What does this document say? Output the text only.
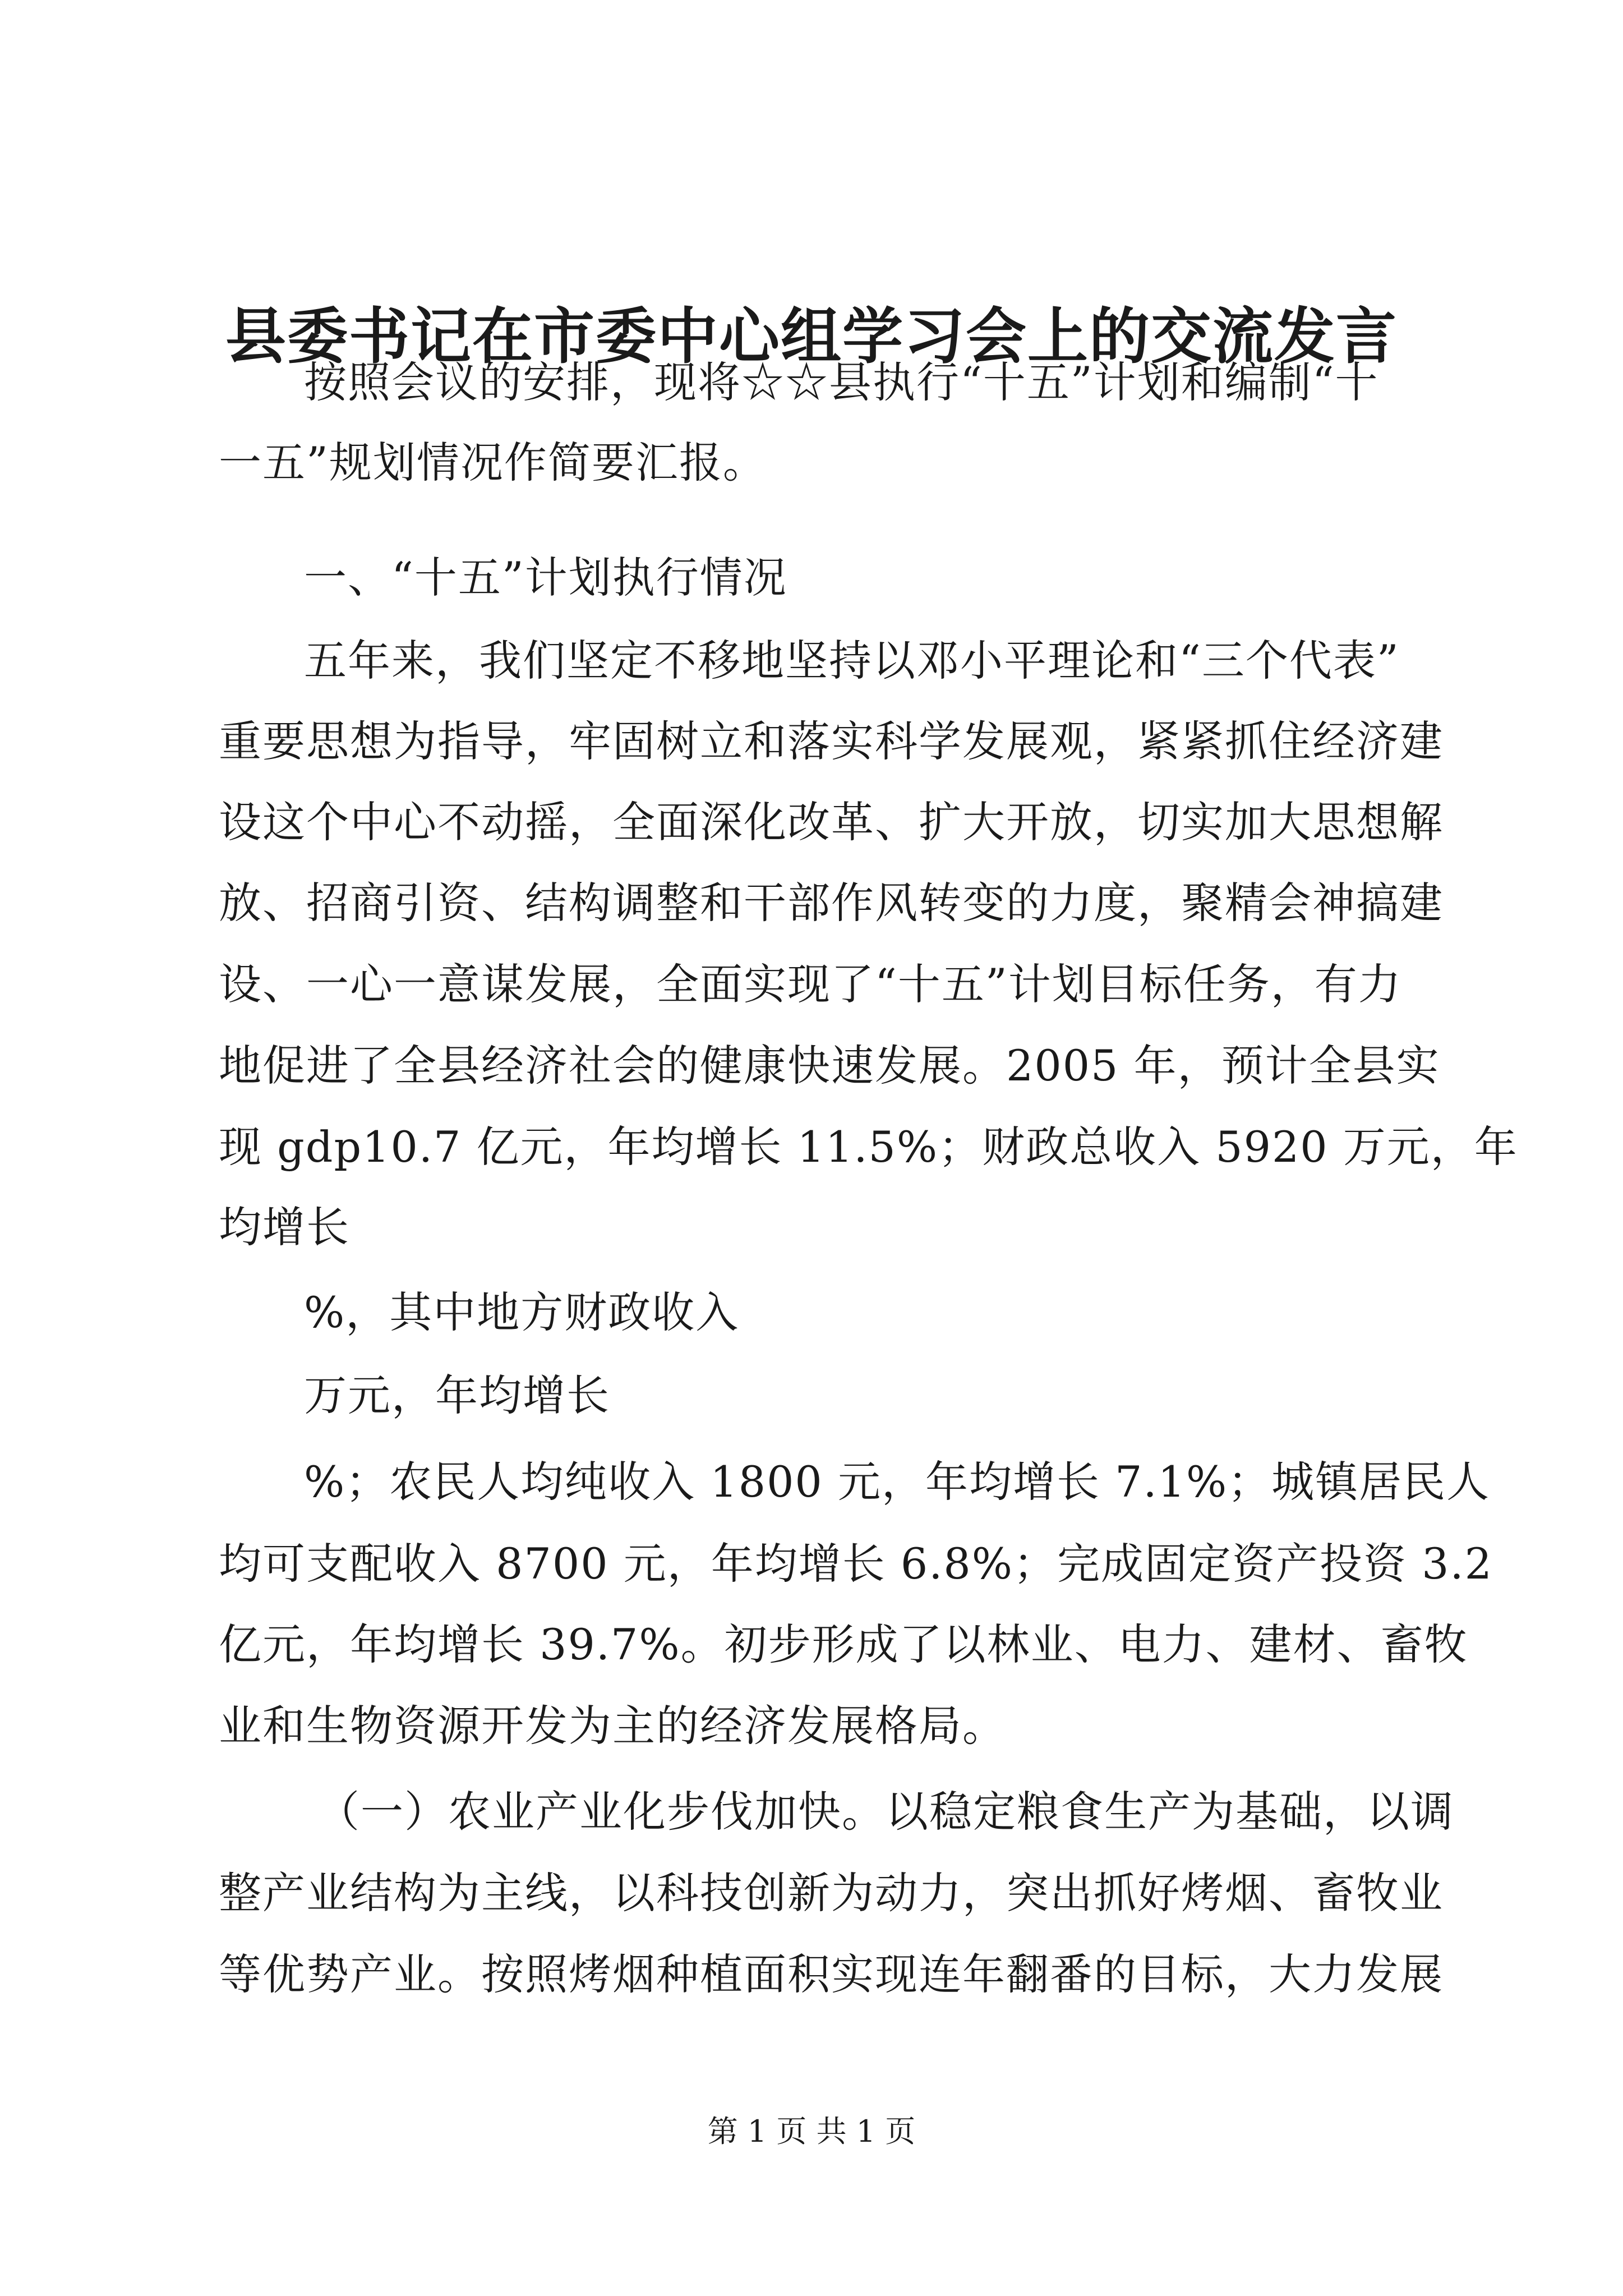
县委书记在市委中心组学习会上的交流发言
按照会议的安排，现将☆☆县执行“十五”计划和编制“十
一五”规划情况作简要汇报。
一、“十五”计划执行情况
五年来，我们坚定不移地坚持以邓小平理论和“三个代表”
重要思想为指导，牢固树立和落实科学发展观，紧紧抓住经济建
设这个中心不动摇，全面深化改革、扩大开放，切实加大思想解
放、招商引资、结构调整和干部作风转变的力度，聚精会神搞建
设、一心一意谋发展，全面实现了“十五”计划目标任务，有力
地促进了全县经济社会的健康快速发展。2005 年，预计全县实
现 gdp10.7 亿元，年均增长 11.5%；财政总收入 5920 万元，年
均增长
%，其中地方财政收入
万元，年均增长
%；农民人均纯收入 1800 元，年均增长 7.1%；城镇居民人
均可支配收入 8700 元，年均增长 6.8%；完成固定资产投资 3.2
亿元，年均增长 39.7%。初步形成了以林业、电力、建材、畜牧
业和生物资源开发为主的经济发展格局。
（一）农业产业化步伐加快。以稳定粮食生产为基础，以调
整产业结构为主线，以科技创新为动力，突出抓好烤烟、畜牧业
等优势产业。按照烤烟种植面积实现连年翻番的目标，大力发展
第 1 页 共 1 页
